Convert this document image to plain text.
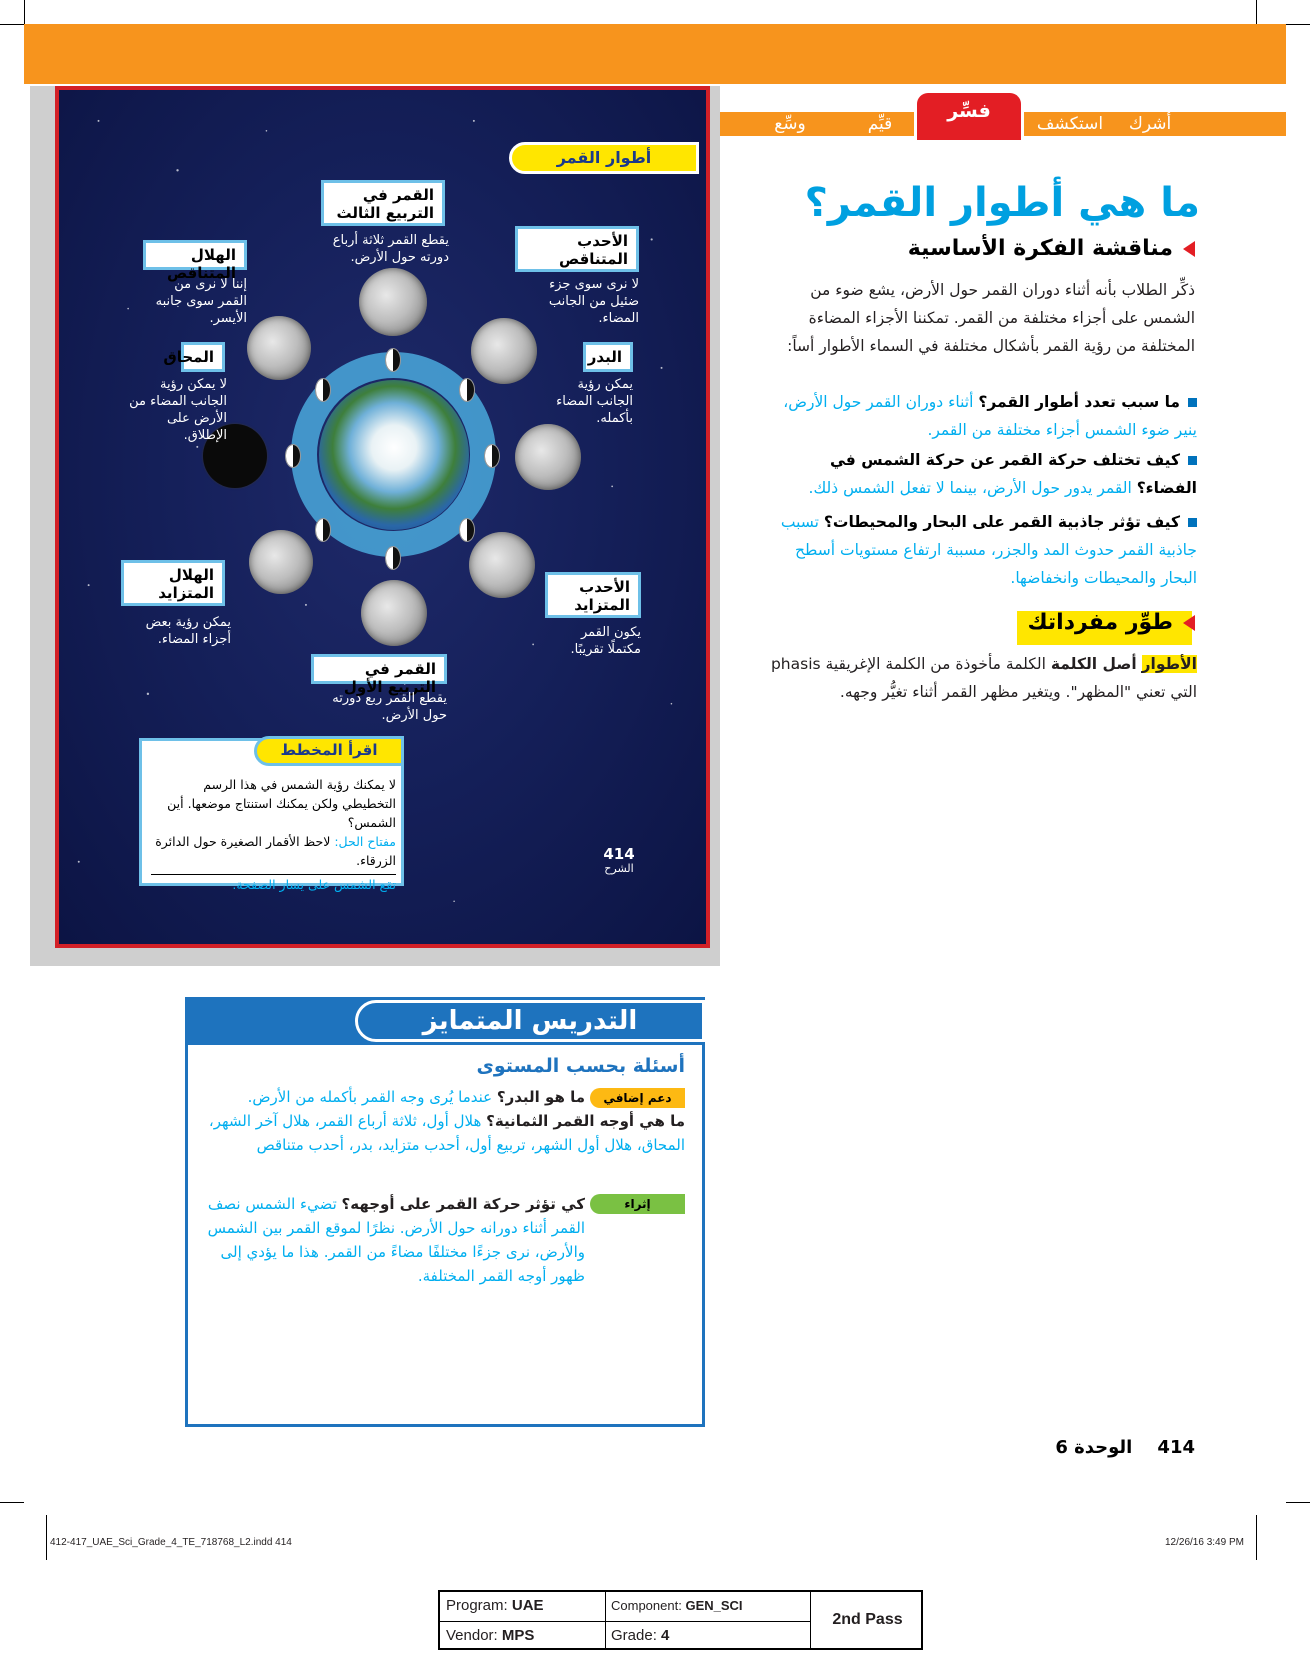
أشرك
استكشف
فسِّر
قيِّم
وسِّع
أطوار القمر
القمر في التربيع الثالث
يقطع القمر ثلاثة أرباع دورته حول الأرض.
الأحدب المتناقص
لا نرى سوى جزء ضئيل من الجانب المضاء.
الهلال المتناقص
إننا لا نرى من القمر سوى جانبه الأيسر.
البدر
يمكن رؤية الجانب المضاء بأكمله.
المحاق
لا يمكن رؤية الجانب المضاء من الأرض على الإطلاق.
الهلال المتزايد
يمكن رؤية بعض أجزاء المضاء.
الأحدب المتزايد
يكون القمر مكتملًا تقريبًا.
القمر في التربيع الأول
يقطع القمر ربع دورته حول الأرض.
اقرأ المخطط
لا يمكنك رؤية الشمس في هذا الرسم التخطيطي ولكن يمكنك استنتاج موضعها. أين الشمس؟
مفتاح الحل: لاحظ الأقمار الصغيرة حول الدائرة الزرقاء.
تقع الشمس على يسار الصفحة.
414
الشرح
ما هي أطوار القمر؟
مناقشة الفكرة الأساسية
ذكِّر الطلاب بأنه أثناء دوران القمر حول الأرض، يشع ضوء من الشمس على أجزاء مختلفة من القمر. تمكننا الأجزاء المضاءة المختلفة من رؤية القمر بأشكال مختلفة في السماء الأطوار أساً:
ما سبب تعدد أطوار القمر؟ أثناء دوران القمر حول الأرض، ينير ضوء الشمس أجزاء مختلفة من القمر.
كيف تختلف حركة القمر عن حركة الشمس في الفضاء؟ القمر يدور حول الأرض، بينما لا تفعل الشمس ذلك.
كيف تؤثر جاذبية القمر على البحار والمحيطات؟ تسبب جاذبية القمر حدوث المد والجزر، مسببة ارتفاع مستويات أسطح البحار والمحيطات وانخفاضها.
طوِّر مفرداتك
الأطوار أصل الكلمة الكلمة مأخوذة من الكلمة الإغريقية phasis التي تعني "المظهر". ويتغير مظهر القمر أثناء تغيُّر وجهه.
التدريس المتمايز
أسئلة بحسب المستوى
دعم إضافي
ما هو البدر؟ عندما يُرى وجه القمر بأكمله من الأرض.
ما هي أوجه القمر الثمانية؟ هلال أول، ثلاثة أرباع القمر، هلال آخر الشهر، المحاق، هلال أول الشهر، تربيع أول، أحدب متزايد، بدر، أحدب متناقص
إثراء
كي تؤثر حركة القمر على أوجهه؟ تضيء الشمس نصف القمر أثناء دورانه حول الأرض. نظرًا لموقع القمر بين الشمس والأرض، نرى جزءًا مختلفًا مضاءً من القمر. هذا ما يؤدي إلى ظهور أوجه القمر المختلفة.
414    الوحدة 6
412-417_UAE_Sci_Grade_4_TE_718768_L2.indd 414	12/26/16 3:49 PM
Program: UAE	Component: GEN_SCI
Vendor: MPS	Grade: 4
2nd Pass
